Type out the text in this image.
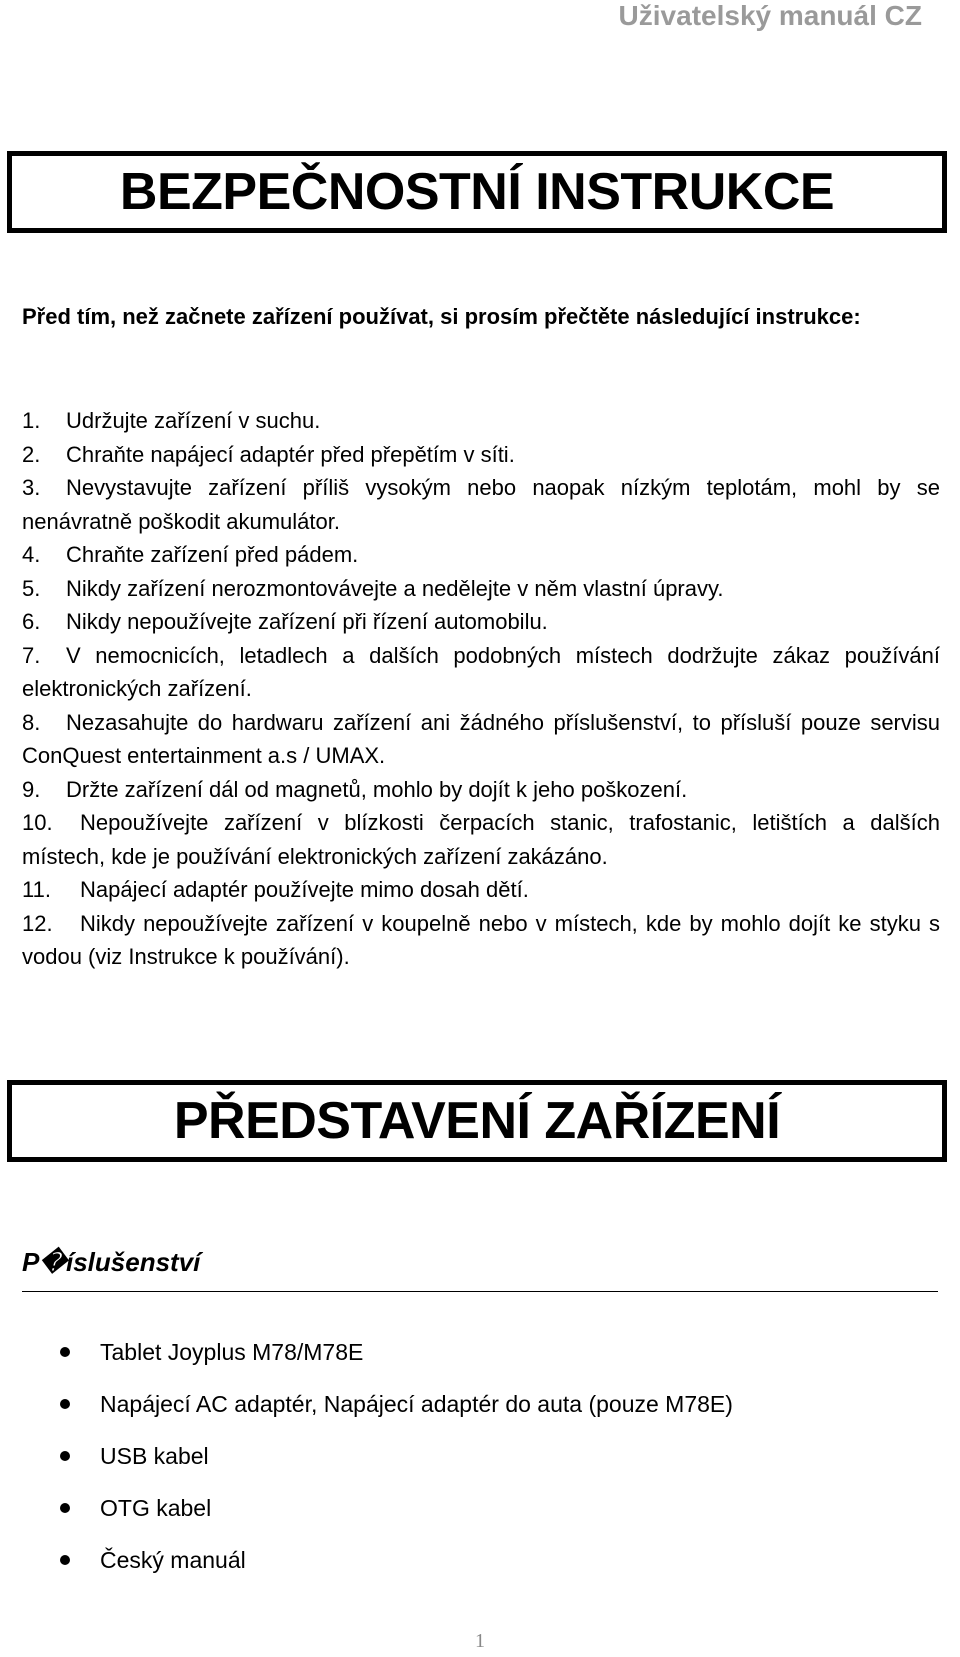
Uživatelský manuál CZ
BEZPEČNOSTNÍ INSTRUKCE
Před tím, než začnete zařízení používat, si prosím přečtěte následující instrukce:
1. Udržujte zařízení v suchu.
2. Chraňte napájecí adaptér před přepětím v síti.
3. Nevystavujte zařízení příliš vysokým nebo naopak nízkým teplotám, mohl by se nenávratně poškodit akumulátor.
4. Chraňte zařízení před pádem.
5. Nikdy zařízení nerozmontovávejte a nedělejte v něm vlastní úpravy.
6. Nikdy nepoužívejte zařízení při řízení automobilu.
7. V nemocnicích, letadlech a dalších podobných místech dodržujte zákaz používání elektronických zařízení.
8. Nezasahujte do hardwaru zařízení ani žádného příslušenství, to přísluší pouze servisu ConQuest entertainment a.s / UMAX.
9. Držte zařízení dál od magnetů, mohlo by dojít k jeho poškození.
10. Nepoužívejte zařízení v blízkosti čerpacích stanic, trafostanic, letištích a dalších místech, kde je používání elektronických zařízení zakázáno.
11. Napájecí adaptér používejte mimo dosah dětí.
12. Nikdy nepoužívejte zařízení v koupelně nebo v místech, kde by mohlo dojít ke styku s vodou (viz Instrukce k používání).
PŘEDSTAVENÍ ZAŘÍZENÍ
P�íslušenství
Tablet Joyplus M78/M78E
Napájecí AC adaptér, Napájecí adaptér do auta (pouze M78E)
USB kabel
OTG kabel
Český manuál
1
